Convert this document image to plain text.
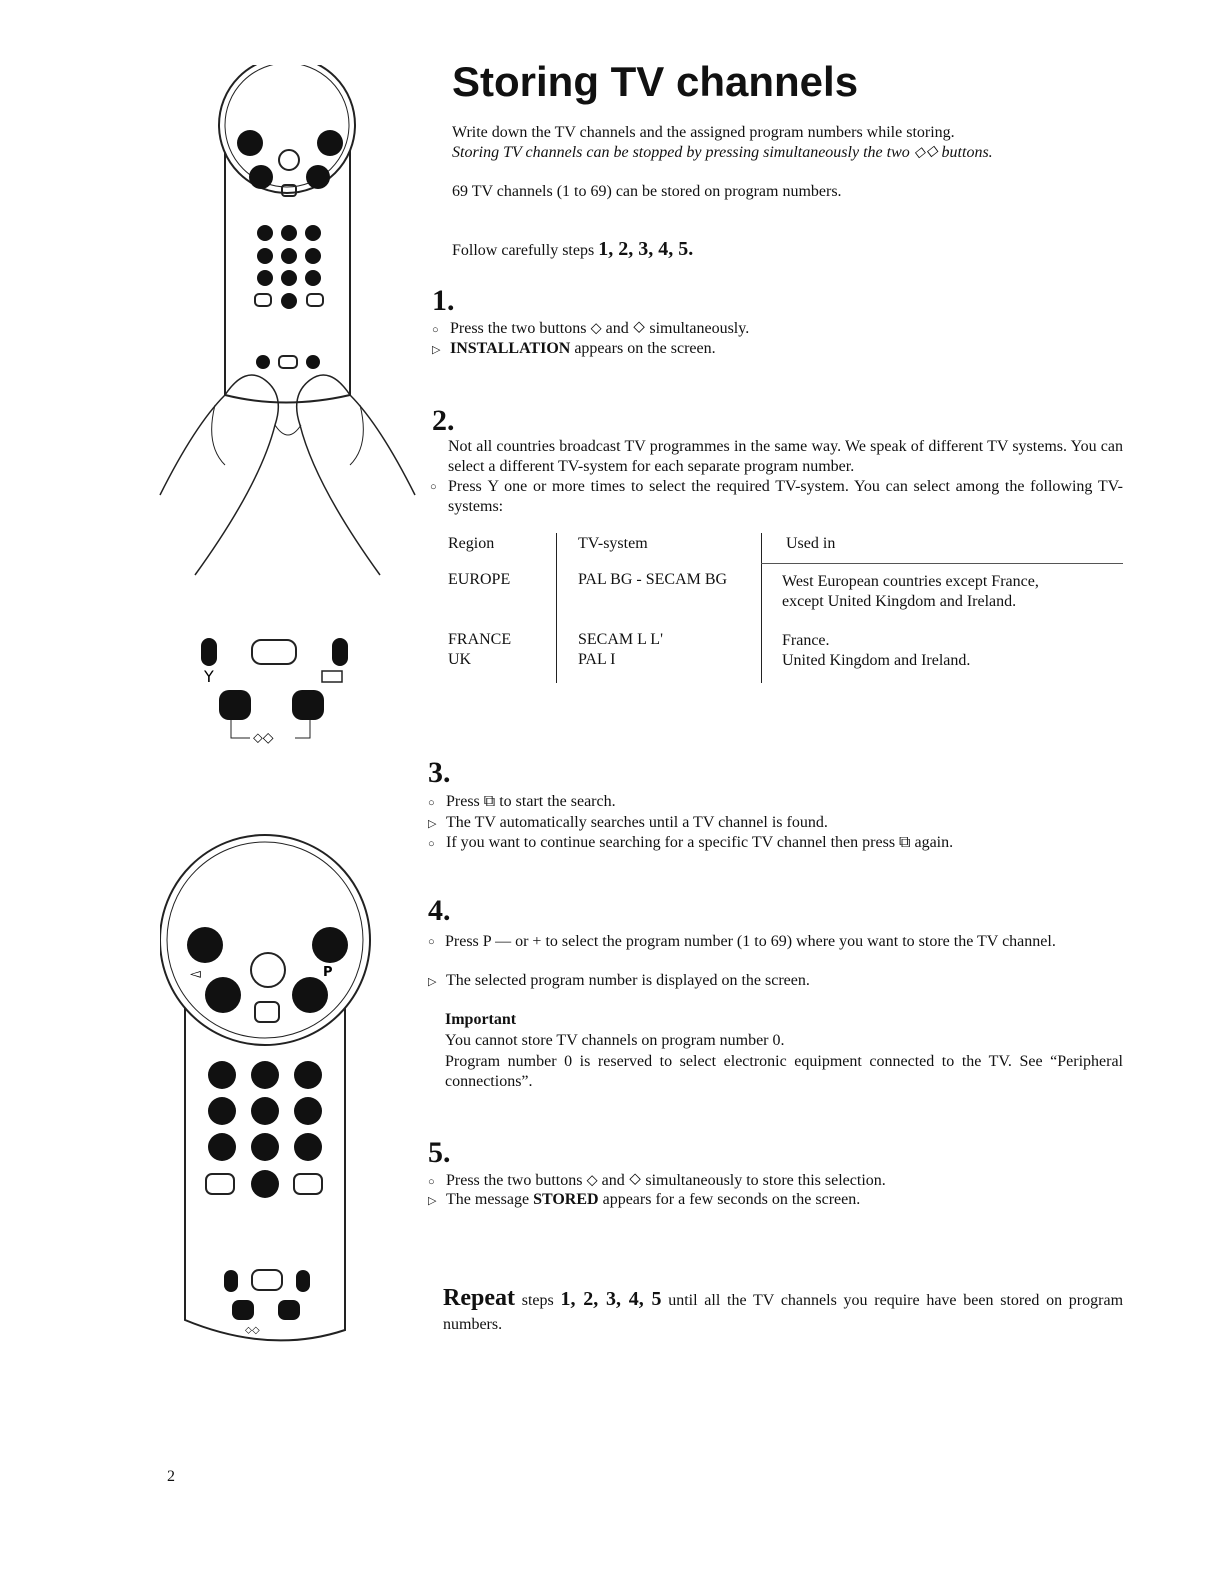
Υ
⬦◇
◅	P
⬦◇
Storing TV channels
Write down the TV channels and the assigned program numbers while storing.
Storing TV channels can be stopped by pressing simultaneously the two ⬦◇ buttons.
69 TV channels (1 to 69) can be stored on program numbers.
Follow carefully steps 1, 2, 3, 4, 5.
1.
○ Press the two buttons ⬦ and ◇ simultaneously.
▷ INSTALLATION appears on the screen.
2.
Not all countries broadcast TV programmes in the same way. We speak of different TV systems. You can select a different TV-system for each separate program number.
○ Press Υ one or more times to select the required TV-system. You can select among the following TV-systems:
Region	TV-system	Used in
EUROPE	PAL BG - SECAM BG	West European countries except France, except United Kingdom and Ireland.
FRANCE	SECAM L L'	France.
UK	PAL I	United Kingdom and Ireland.
3.
○ Press ⧉ to start the search.
▷ The TV automatically searches until a TV channel is found.
○ If you want to continue searching for a specific TV channel then press ⧉ again.
4.
○ Press P — or + to select the program number (1 to 69) where you want to store the TV channel.
▷ The selected program number is displayed on the screen.
Important
You cannot store TV channels on program number 0.
Program number 0 is reserved to select electronic equipment connected to the TV. See “Peripheral connections”.
5.
○ Press the two buttons ⬦ and ◇ simultaneously to store this selection.
▷ The message STORED appears for a few seconds on the screen.
Repeat steps 1, 2, 3, 4, 5 until all the TV channels you require have been stored on program numbers.
2
